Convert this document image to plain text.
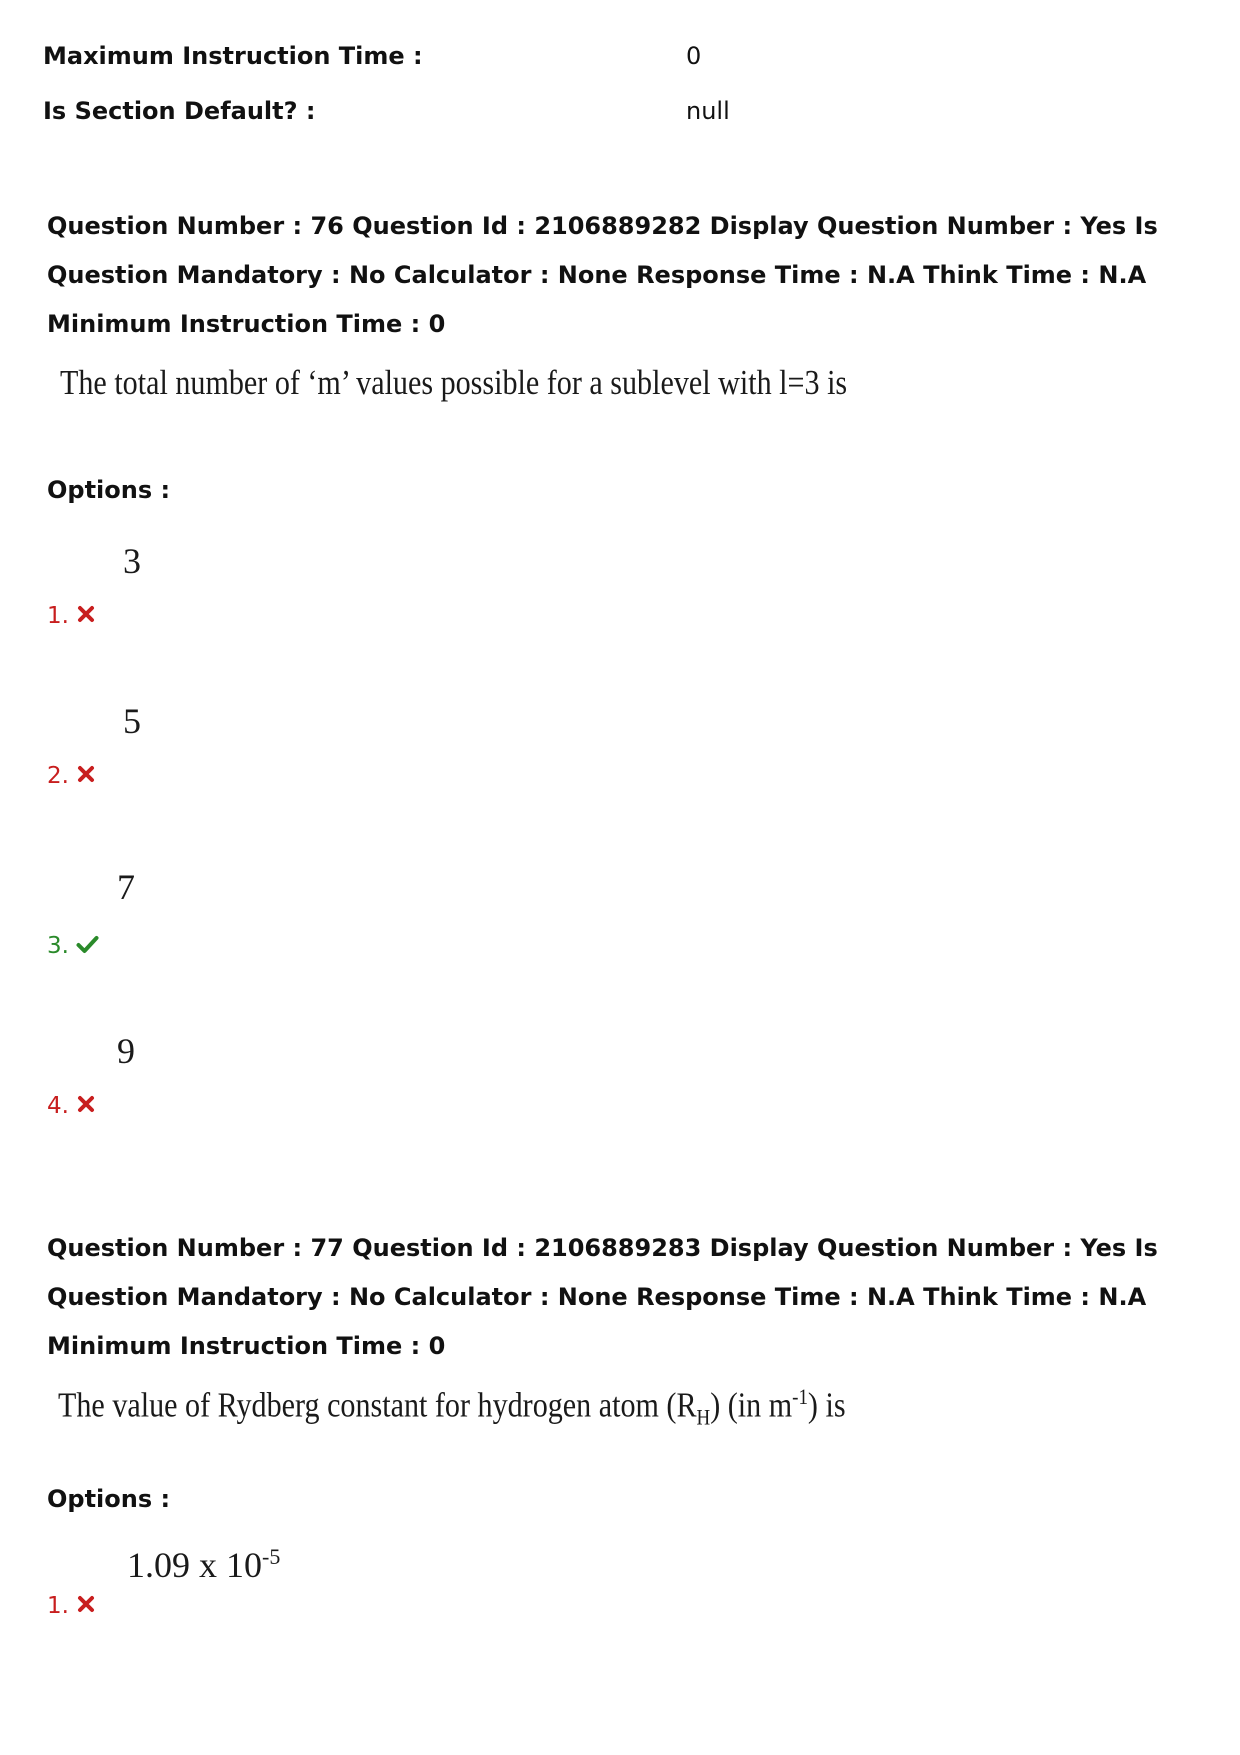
Maximum Instruction Time :	0
Is Section Default? :	null

Question Number : 76 Question Id : 2106889282 Display Question Number : Yes Is Question Mandatory : No Calculator : None Response Time : N.A Think Time : N.A Minimum Instruction Time : 0

The total number of ‘m’ values possible for a sublevel with l=3 is
Options :
1.
3
2.
5
3.
7
4.
9

Question Number : 77 Question Id : 2106889283 Display Question Number : Yes Is Question Mandatory : No Calculator : None Response Time : N.A Think Time : N.A Minimum Instruction Time : 0

The value of Rydberg constant for hydrogen atom $(R_H)$ (in $m^{-1}$) is
Options :
1.
1.09 x $10^{-5}$
